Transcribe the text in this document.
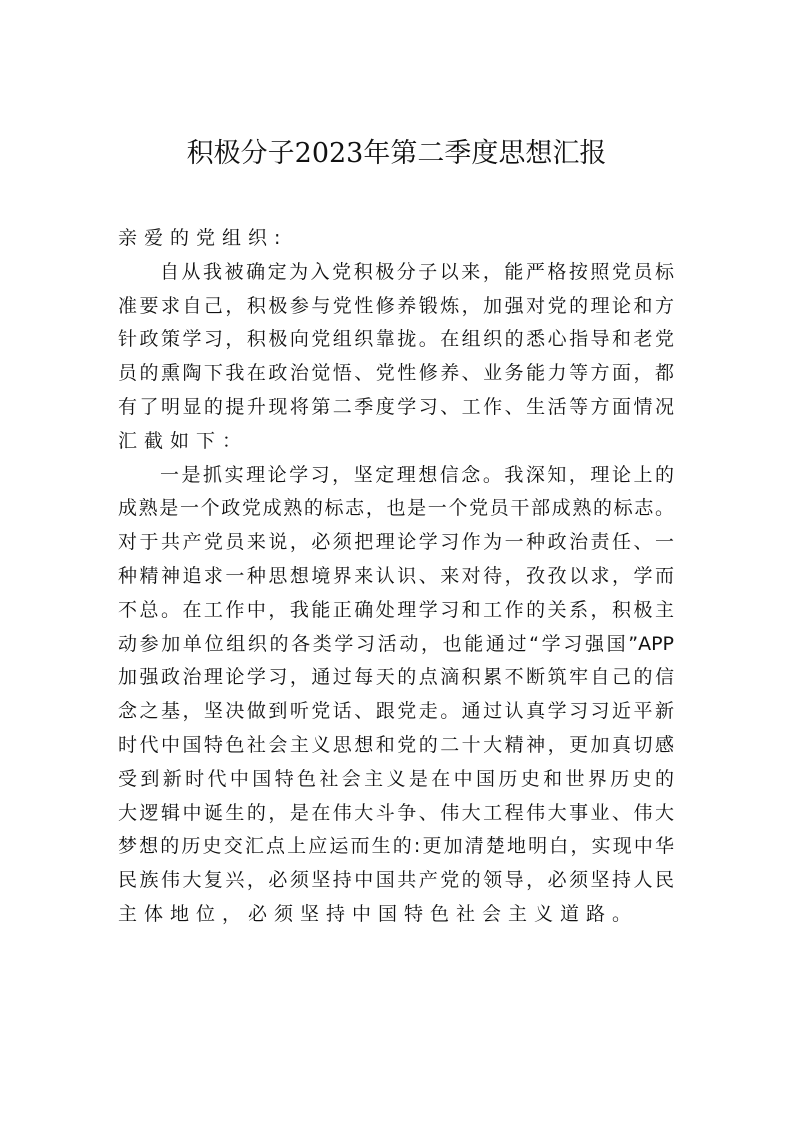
积极分子2023年第二季度思想汇报
亲爱的党组织:
自从我被确定为入党积极分子以来，能严格按照党员标
准要求自己，积极参与党性修养锻炼，加强对党的理论和方
针政策学习，积极向党组织靠拢。在组织的悉心指导和老党
员的熏陶下我在政治觉悟、党性修养、业务能力等方面，都
有了明显的提升现将第二季度学习、工作、生活等方面情况
汇截如下：
一是抓实理论学习，坚定理想信念。我深知，理论上的
成熟是一个政党成熟的标志，也是一个党员干部成熟的标志。
对于共产党员来说，必须把理论学习作为一种政治责任、一
种精神追求一种思想境界来认识、来对待，孜孜以求，学而
不总。在工作中，我能正确处理学习和工作的关系，积极主
动参加单位组织的各类学习活动，也能通过“学习强国”APP
加强政治理论学习，通过每天的点滴积累不断筑牢自己的信
念之基，坚决做到听党话、跟党走。通过认真学习习近平新
时代中国特色社会主义思想和党的二十大精神，更加真切感
受到新时代中国特色社会主义是在中国历史和世界历史的
大逻辑中诞生的，是在伟大斗争、伟大工程伟大事业、伟大
梦想的历史交汇点上应运而生的:更加清楚地明白，实现中华
民族伟大复兴，必须坚持中国共产党的领导，必须坚持人民
主体地位，必须坚持中国特色社会主义道路。
